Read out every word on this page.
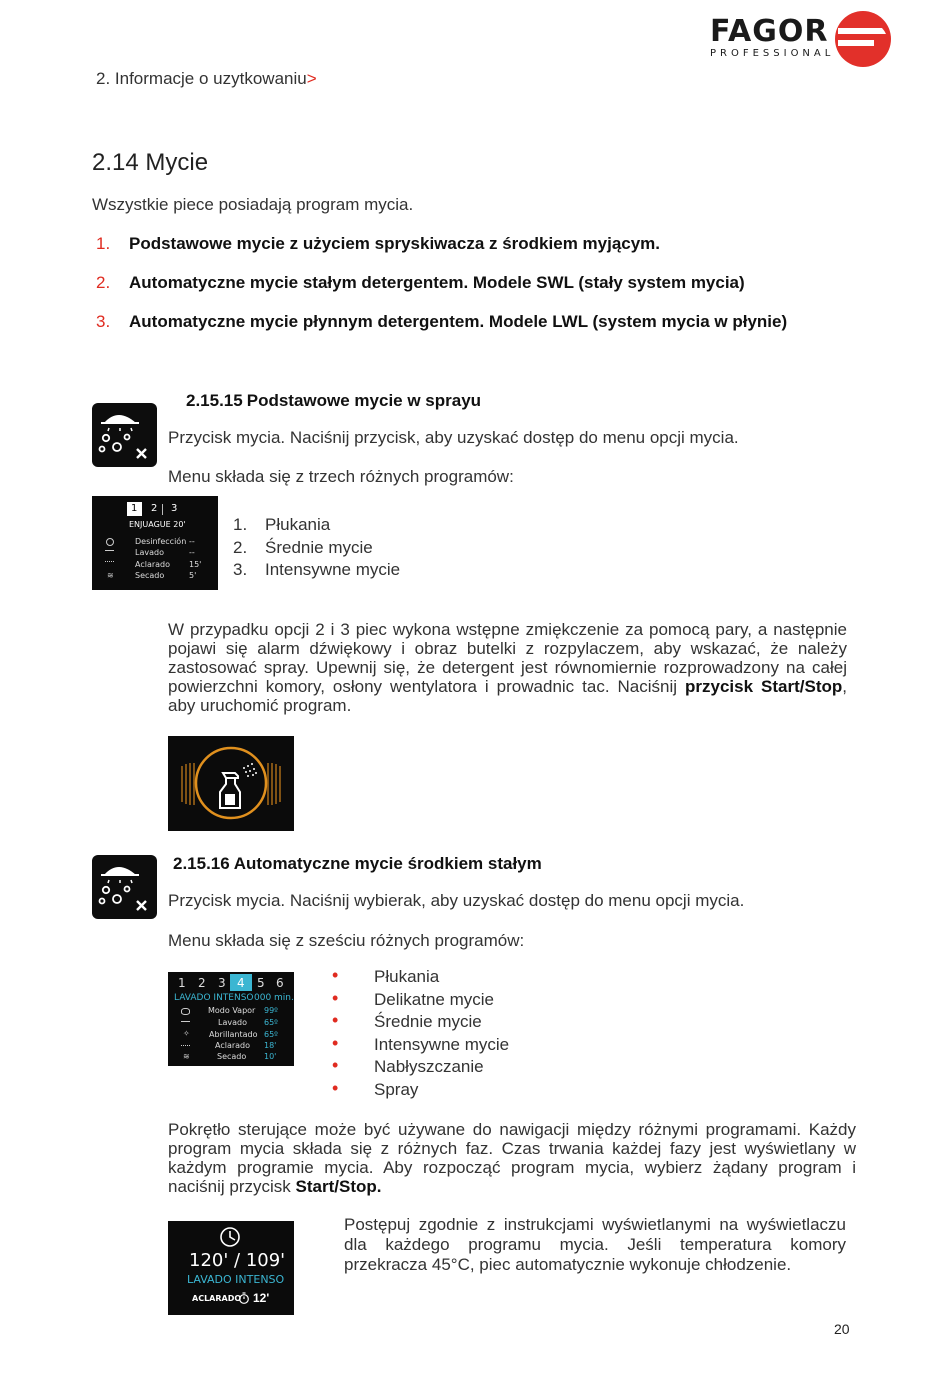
2. Informacje o uzytkowaniu>
FAGOR
PROFESSIONAL
2.14 Mycie
Wszystkie piece posiadają program mycia.
1. Podstawowe mycie z użyciem spryskiwacza z środkiem myjącym.
2. Automatyczne mycie stałym detergentem. Modele SWL (stały system mycia)
3. Automatyczne mycie płynnym detergentem. Modele LWL (system mycia w płynie)
2.15.15 Podstawowe mycie w sprayu
Przycisk mycia. Naciśnij przycisk, aby uzyskać dostęp do menu opcji mycia.
Menu składa się z trzech różnych programów:
1 2 3
ENJUAGUE 20'
≋
Desinfección --
Lavado	--
Aclarado 15'
Secado	5'
1. Płukania
2. Średnie mycie
3. Intensywne mycie
W przypadku opcji 2 i 3 piec wykona wstępne zmiękczenie za pomocą pary, a następnie pojawi się alarm dźwiękowy i obraz butelki z rozpylaczem, aby wskazać, że należy zastosować spray. Upewnij się, że detergent jest równomiernie rozprowadzony na całej powierzchni komory, osłony wentylatora i prowadnic tac. Naciśnij przycisk Start/Stop, aby uruchomić program.
2.15.16 Automatyczne mycie środkiem stałym
Przycisk mycia. Naciśnij wybierak, aby uzyskać dostęp do menu opcji mycia.
Menu składa się z sześciu różnych programów:
1 2 3 4 5 6
LAVADO INTENSO 000 min.
✧
≋
Modo Vapor 99º
Lavado 65º
Abrillantado 65º
Aclarado 18'
Secado 10'
• Płukania
• Delikatne mycie
• Średnie mycie
• Intensywne mycie
• Nabłyszczanie
• Spray
Pokrętło sterujące może być używane do nawigacji między różnymi programami. Każdy program mycia składa się z różnych faz. Czas trwania każdej fazy jest wyświetlany w każdym programie mycia. Aby rozpocząć program mycia, wybierz żądany program i naciśnij przycisk Start/Stop.
120' / 109'
LAVADO INTENSO
ACLARADO 12'
Postępuj zgodnie z instrukcjami wyświetlanymi na wyświetlaczu dla każdego programu mycia. Jeśli temperatura komory przekracza 45°C, piec automatycznie wykonuje chłodzenie.
20
